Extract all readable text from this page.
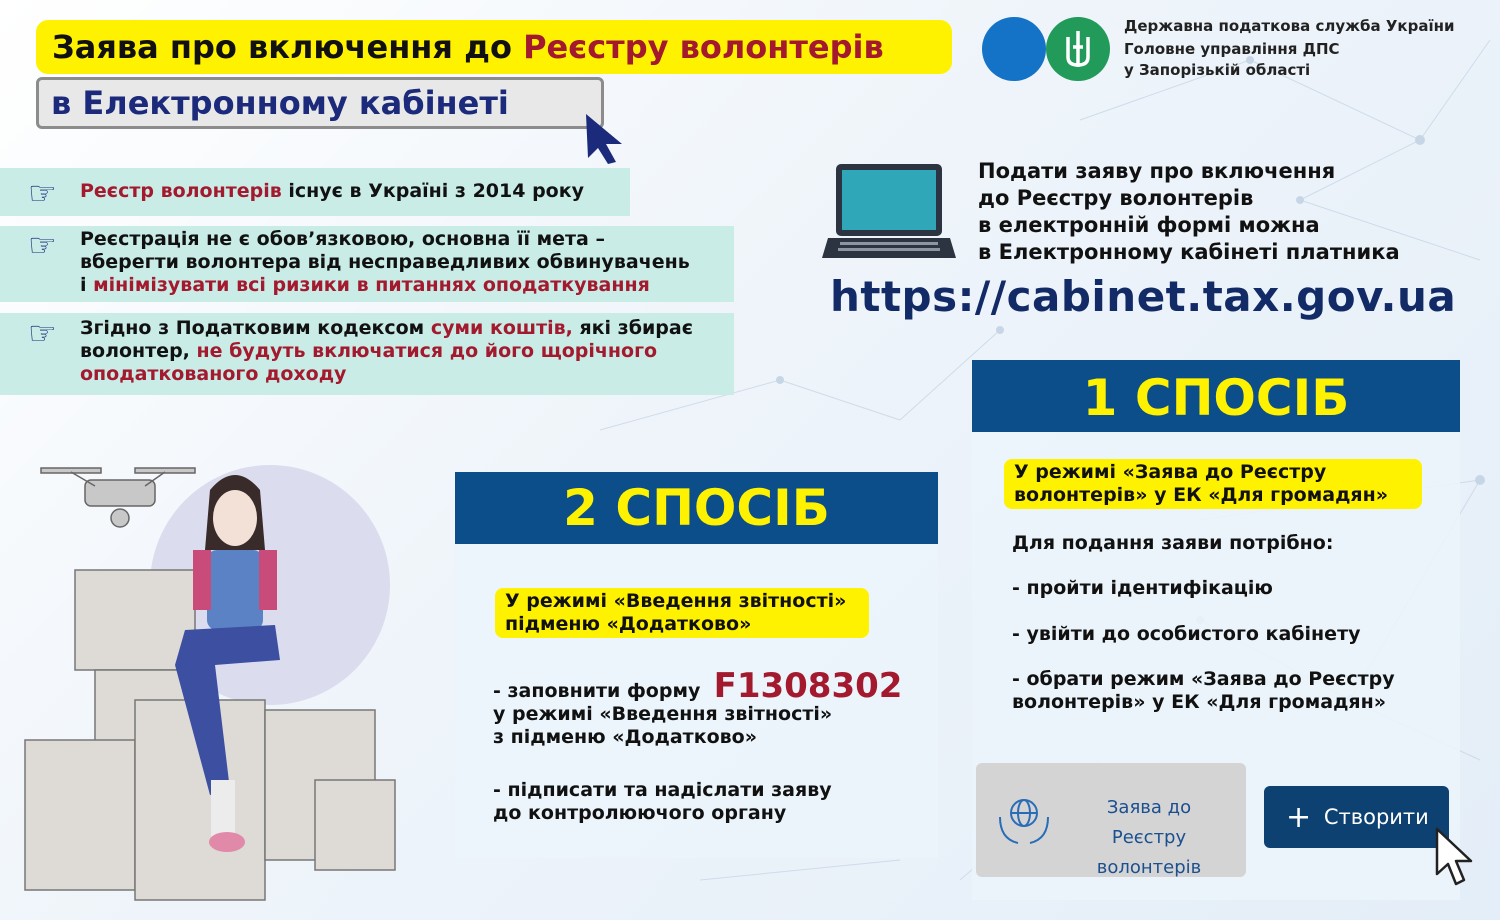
Заява про включення до Реєстру волонтерів
в Електронному кабінеті
Державна податкова служба України
Головне управління ДПС
у Запорізькій області
Реєстр волонтерів існує в Україні з 2014 року
☞
Реєстрація не є обов’язковою, основна її мета –
вберегти волонтера від несправедливих обвинувачень
і мінімізувати всі ризики в питаннях оподаткування
☞
Згідно з Податковим кодексом суми коштів, які збирає
волонтер, не будуть включатися до його щорічного
оподаткованого доходу
☞
Подати заяву про включення
до Реєстру волонтерів
в електронній формі можна
в Електронному кабінеті платника
https://cabinet.tax.gov.ua
2 СПОСІБ
У режимі «Введення звітності»
підменю «Додатково»
- заповнити форму F1308302
у режимі «Введення звітності»
з підменю «Додатково»
- підписати та надіслати заяву
до контролюючого органу
1 СПОСІБ
У режимі «Заява до Реєстру
волонтерів» у ЕК «Для громадян»
Для подання заяви потрібно:
- пройти ідентифікацію
- увійти до особистого кабінету
- обрати режим «Заява до Реєстру
волонтерів» у ЕК «Для громадян»
Заява до Реєстру
волонтерів
+ Створити
